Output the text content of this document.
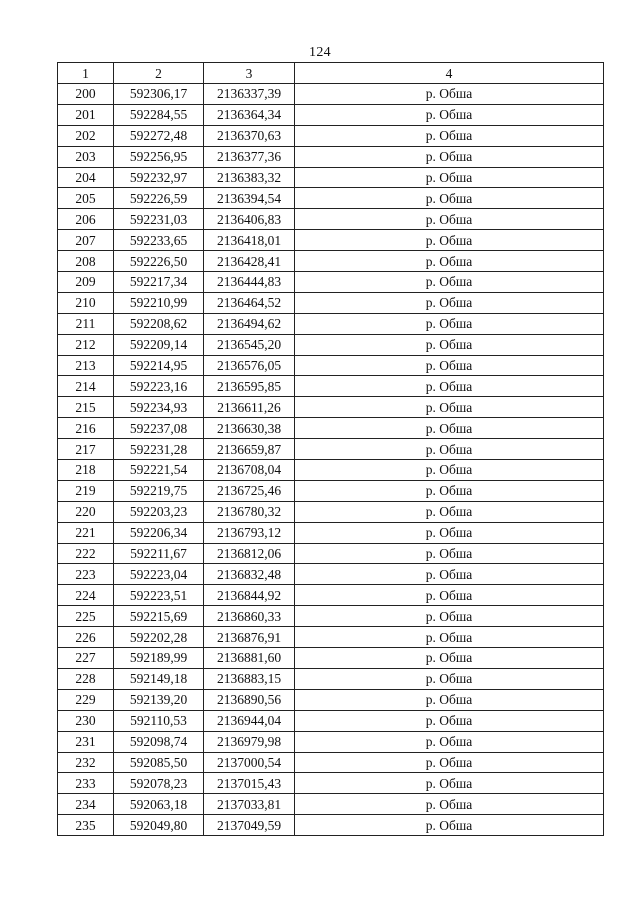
124
1	2	3	4
200	592306,17	2136337,39	р. Обша
201	592284,55	2136364,34	р. Обша
202	592272,48	2136370,63	р. Обша
203	592256,95	2136377,36	р. Обша
204	592232,97	2136383,32	р. Обша
205	592226,59	2136394,54	р. Обша
206	592231,03	2136406,83	р. Обша
207	592233,65	2136418,01	р. Обша
208	592226,50	2136428,41	р. Обша
209	592217,34	2136444,83	р. Обша
210	592210,99	2136464,52	р. Обша
211	592208,62	2136494,62	р. Обша
212	592209,14	2136545,20	р. Обша
213	592214,95	2136576,05	р. Обша
214	592223,16	2136595,85	р. Обша
215	592234,93	2136611,26	р. Обша
216	592237,08	2136630,38	р. Обша
217	592231,28	2136659,87	р. Обша
218	592221,54	2136708,04	р. Обша
219	592219,75	2136725,46	р. Обша
220	592203,23	2136780,32	р. Обша
221	592206,34	2136793,12	р. Обша
222	592211,67	2136812,06	р. Обша
223	592223,04	2136832,48	р. Обша
224	592223,51	2136844,92	р. Обша
225	592215,69	2136860,33	р. Обша
226	592202,28	2136876,91	р. Обша
227	592189,99	2136881,60	р. Обша
228	592149,18	2136883,15	р. Обша
229	592139,20	2136890,56	р. Обша
230	592110,53	2136944,04	р. Обша
231	592098,74	2136979,98	р. Обша
232	592085,50	2137000,54	р. Обша
233	592078,23	2137015,43	р. Обша
234	592063,18	2137033,81	р. Обша
235	592049,80	2137049,59	р. Обша
